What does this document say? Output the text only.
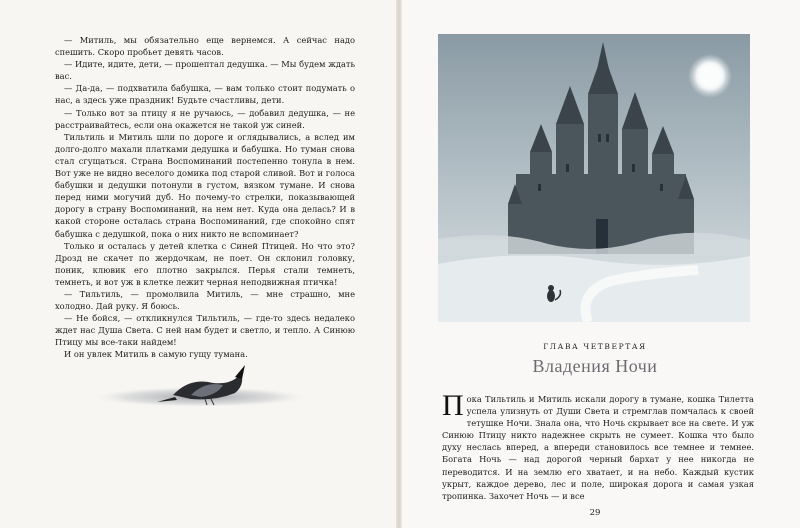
— Митиль, мы обязательно еще вернемся. А сейчас надо спешить. Скоро пробьет девять часов.

— Идите, идите, дети, — прошептал дедушка. — Мы будем ждать вас.

— Да-да, — подхватила бабушка, — вам только стоит подумать о нас, а здесь уже праздник! Будьте счастливы, дети.

— Только вот за птицу я не ручаюсь, — добавил дедушка, — не расстраивайтесь, если она окажется не такой уж синей.

Тильтиль и Митиль шли по дороге и оглядывались, а вслед им долго-долго махали платками дедушка и бабушка. Но туман снова стал сгущаться. Страна Воспоминаний постепенно тонула в нем. Вот уже не видно веселого домика под старой сливой. Вот и голоса бабушки и дедушки потонули в густом, вязком тумане. И снова перед ними могучий дуб. Но почему-то стрелки, показывающей дорогу в страну Воспоминаний, на нем нет. Куда она делась? И в какой стороне осталась страна Воспоминаний, где спокойно спят бабушка с дедушкой, пока о них никто не вспоминает?

Только и осталась у детей клетка с Синей Птицей. Но что это? Дрозд не скачет по жердочкам, не поет. Он склонил головку, поник, клювик его плотно закрылся. Перья стали темнеть, темнеть, и вот уж в клетке лежит черная неподвижная птичка!

— Тильтиль, — промолвила Митиль, — мне страшно, мне холодно. Дай руку. Я боюсь.

— Не бойся, — откликнулся Тильтиль, — где-то здесь недалеко ждет нас Душа Света. С ней нам будет и светло, и тепло. А Синюю Птицу мы все-таки найдем!

И он увлек Митиль в самую гущу тумана.

ГЛАВА ЧЕТВЕРТАЯ
Владения Ночи

Пока Тильтиль и Митиль искали дорогу в тумане, кошка Тилетта успела улизнуть от Души Света и стремглав помчалась к своей тетушке Ночи. Знала она, что Ночь скрывает все на свете. И уж Синюю Птицу никто надежнее скрыть не сумеет. Кошка что было духу неслась вперед, а впереди становилось все темнее и темнее. Богата Ночь — над дорогой черный бархат у нее никогда не переводится. И на землю его хватает, и на небо. Каждый кустик укрыт, каждое дерево, лес и поле, широкая дорога и самая узкая тропинка. Захочет Ночь — и все

29
